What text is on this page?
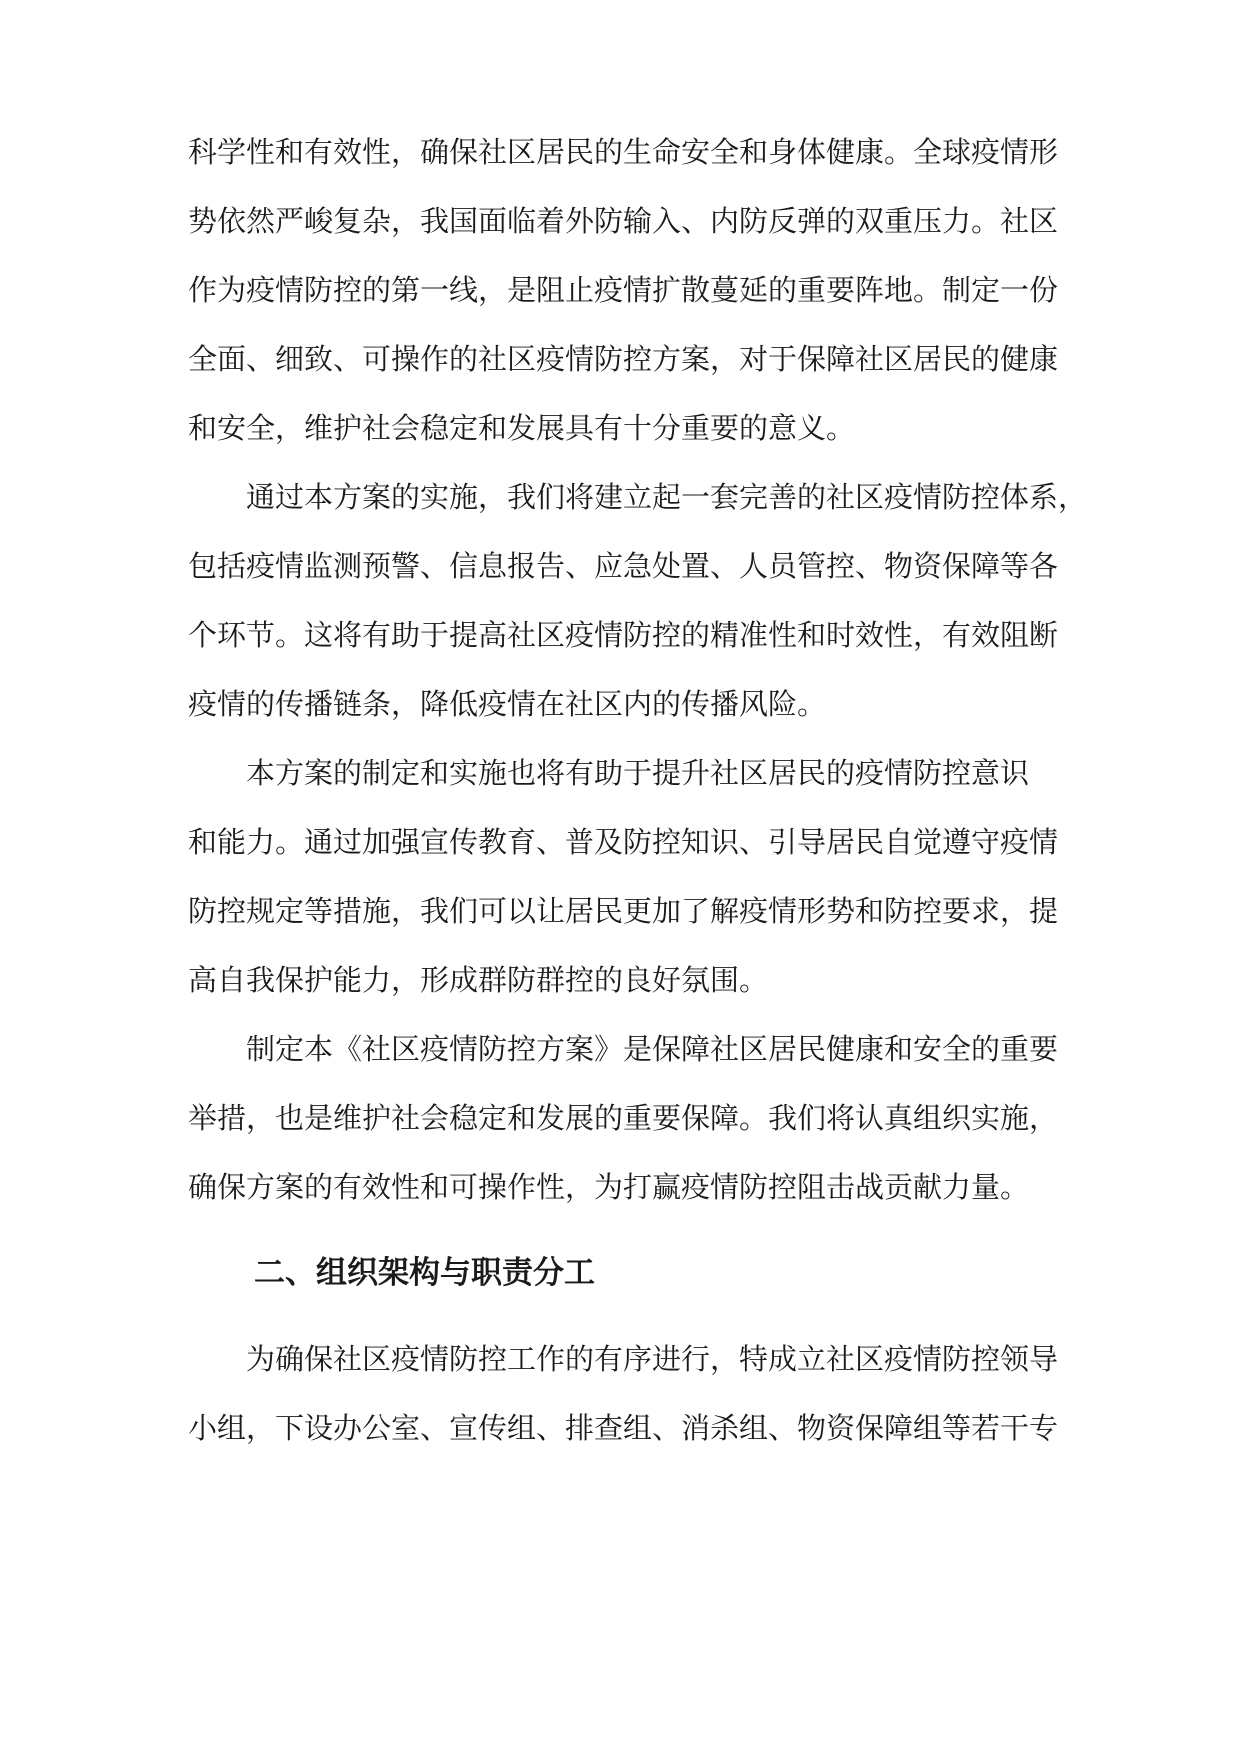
科学性和有效性，确保社区居民的生命安全和身体健康。全球疫情形
势依然严峻复杂，我国面临着外防输入、内防反弹的双重压力。社区
作为疫情防控的第一线，是阻止疫情扩散蔓延的重要阵地。制定一份
全面、细致、可操作的社区疫情防控方案，对于保障社区居民的健康
和安全，维护社会稳定和发展具有十分重要的意义。
通过本方案的实施，我们将建立起一套完善的社区疫情防控体系，
包括疫情监测预警、信息报告、应急处置、人员管控、物资保障等各
个环节。这将有助于提高社区疫情防控的精准性和时效性，有效阻断
疫情的传播链条，降低疫情在社区内的传播风险。
本方案的制定和实施也将有助于提升社区居民的疫情防控意识
和能力。通过加强宣传教育、普及防控知识、引导居民自觉遵守疫情
防控规定等措施，我们可以让居民更加了解疫情形势和防控要求，提
高自我保护能力，形成群防群控的良好氛围。
制定本《社区疫情防控方案》是保障社区居民健康和安全的重要
举措，也是维护社会稳定和发展的重要保障。我们将认真组织实施，
确保方案的有效性和可操作性，为打赢疫情防控阻击战贡献力量。
二、组织架构与职责分工
为确保社区疫情防控工作的有序进行，特成立社区疫情防控领导
小组，下设办公室、宣传组、排查组、消杀组、物资保障组等若干专
